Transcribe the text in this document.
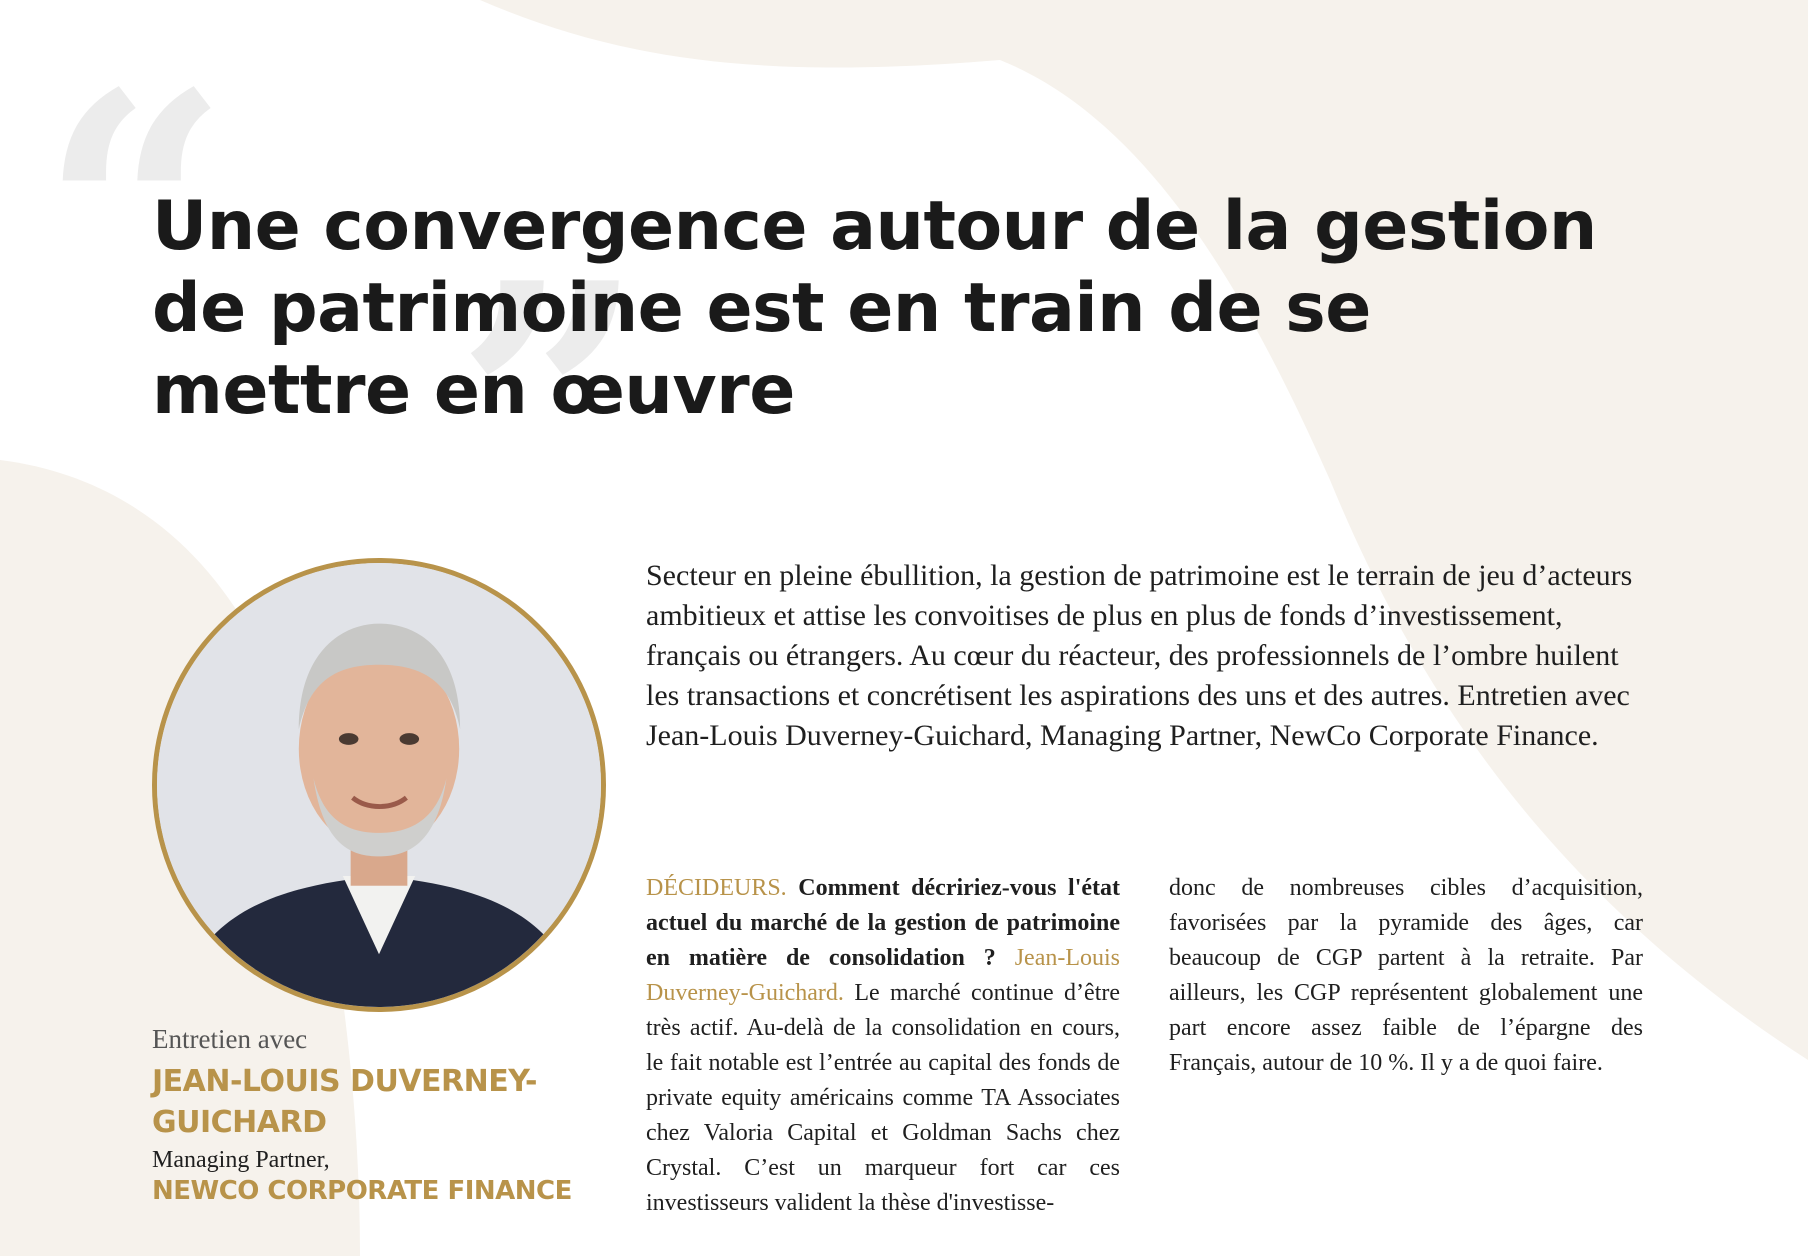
“ ”
Une convergence autour de la gestion de patrimoine est en train de se mettre en œuvre
Entretien avec
JEAN-LOUIS DUVERNEY-GUICHARD
Managing Partner,
NEWCO CORPORATE FINANCE

Secteur en pleine ébullition, la gestion de patrimoine est le terrain de jeu d’acteurs ambitieux et attise les convoitises de plus en plus de fonds d’investissement, français ou étrangers. Au cœur du réacteur, des professionnels de l’ombre huilent les transactions et concrétisent les aspirations des uns et des autres. Entretien avec Jean-Louis Duverney-Guichard, Managing Partner, NewCo Corporate Finance.

DÉCIDEURS. Comment décririez-vous l'état actuel du marché de la gestion de patrimoine en matière de consolidation ? Jean-Louis Duverney-Guichard. Le marché continue d’être très actif. Au-delà de la consolidation en cours, le fait notable est l’entrée au capital des fonds de private equity américains comme TA Associates chez Valoria Capital et Goldman Sachs chez Crystal. C’est un marqueur fort car ces investisseurs valident la thèse d'investisse-

donc de nombreuses cibles d’acquisition, favorisées par la pyramide des âges, car beaucoup de CGP partent à la retraite. Par ailleurs, les CGP représentent globalement une part encore assez faible de l’épargne des Français, autour de 10 %. Il y a de quoi faire.
